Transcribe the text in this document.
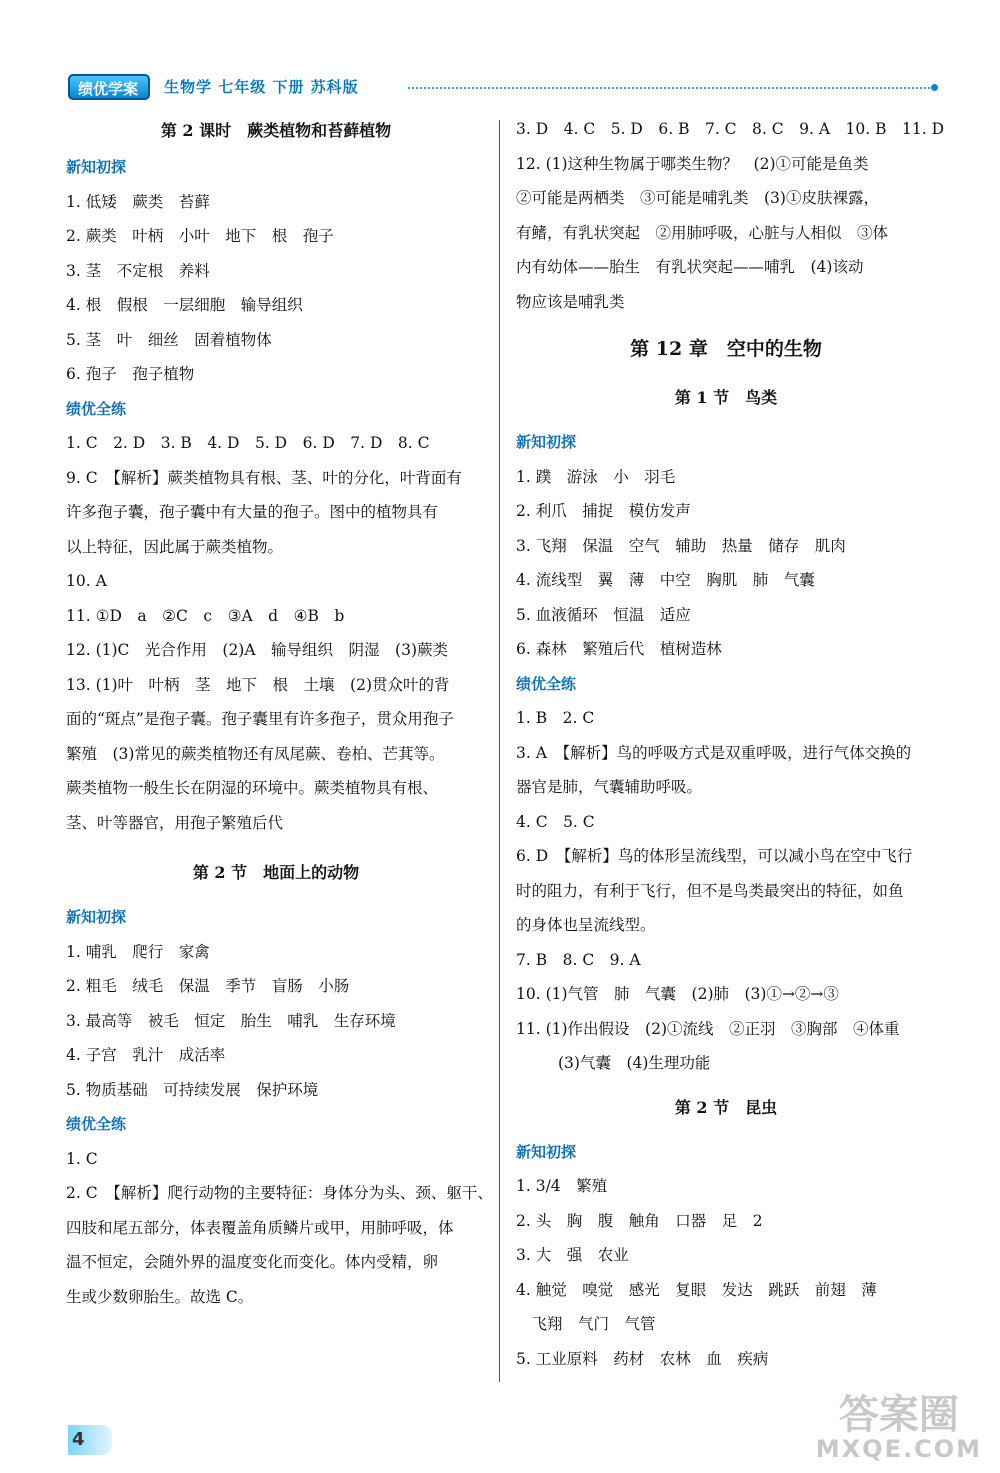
绩优学案	生物学 七年级 下册 苏科版
第 2 课时　蕨类植物和苔藓植物
新知初探
1. 低矮　蕨类　苔藓
2. 蕨类　叶柄　小叶　地下　根　孢子
3. 茎　不定根　养料
4. 根　假根　一层细胞　输导组织
5. 茎　叶　细丝　固着植物体
6. 孢子　孢子植物
绩优全练
1. C　2. D　3. B　4. D　5. D　6. D　7. D　8. C
9. C　【解析】蕨类植物具有根、茎、叶的分化，叶背面有
许多孢子囊，孢子囊中有大量的孢子。图中的植物具有
以上特征，因此属于蕨类植物。
10. A
11. ①D　a　②C　c　③A　d　④B　b
12. (1)C　光合作用　(2)A　输导组织　阴湿　(3)蕨类
13. (1)叶　叶柄　茎　地下　根　土壤　(2)贯众叶的背
面的“斑点”是孢子囊。孢子囊里有许多孢子，贯众用孢子
繁殖　(3)常见的蕨类植物还有凤尾蕨、卷柏、芒萁等。
蕨类植物一般生长在阴湿的环境中。蕨类植物具有根、
茎、叶等器官，用孢子繁殖后代
第 2 节　地面上的动物
新知初探
1. 哺乳　爬行　家禽
2. 粗毛　绒毛　保温　季节　盲肠　小肠
3. 最高等　被毛　恒定　胎生　哺乳　生存环境
4. 子宫　乳汁　成活率
5. 物质基础　可持续发展　保护环境
绩优全练
1. C
2. C　【解析】爬行动物的主要特征：身体分为头、颈、躯干、
四肢和尾五部分，体表覆盖角质鳞片或甲，用肺呼吸，体
温不恒定，会随外界的温度变化而变化。体内受精，卵
生或少数卵胎生。故选 C。
3. D　4. C　5. D　6. B　7. C　8. C　9. A　10. B　11. D
12. (1)这种生物属于哪类生物？　(2)①可能是鱼类
②可能是两栖类　③可能是哺乳类　(3)①皮肤裸露，
有鳍，有乳状突起　②用肺呼吸，心脏与人相似　③体
内有幼体——胎生　有乳状突起——哺乳　(4)该动
物应该是哺乳类
第 12 章　空中的生物
第 1 节　鸟类
新知初探
1. 蹼　游泳　小　羽毛
2. 利爪　捕捉　模仿发声
3. 飞翔　保温　空气　辅助　热量　储存　肌肉
4. 流线型　翼　薄　中空　胸肌　肺　气囊
5. 血液循环　恒温　适应
6. 森林　繁殖后代　植树造林
绩优全练
1. B　2. C
3. A　【解析】鸟的呼吸方式是双重呼吸，进行气体交换的
器官是肺，气囊辅助呼吸。
4. C　5. C
6. D　【解析】鸟的体形呈流线型，可以减小鸟在空中飞行
时的阻力，有利于飞行，但不是鸟类最突出的特征，如鱼
的身体也呈流线型。
7. B　8. C　9. A
10. (1)气管　肺　气囊　(2)肺　(3)①→②→③
11. (1)作出假设　(2)①流线　②正羽　③胸部　④体重
(3)气囊　(4)生理功能
第 2 节　昆虫
新知初探
1. 3/4　繁殖
2. 头　胸　腹　触角　口器　足　2
3. 大　强　农业
4. 触觉　嗅觉　感光　复眼　发达　跳跃　前翅　薄
　飞翔　气门　气管
5. 工业原料　药材　农林　血　疾病
4
答案圈
MXQE.COM
